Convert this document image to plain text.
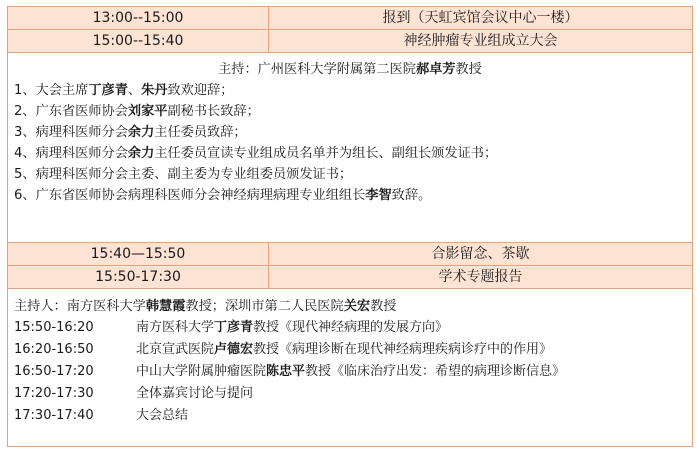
13:00--15:00	报到（天虹宾馆会议中心一楼）
15:00--15:40	神经肿瘤专业组成立大会
主持：广州医科大学附属第二医院郝卓芳教授
1、大会主席丁彦青、朱丹致欢迎辞；
2、广东省医师协会刘家平副秘书长致辞；
3、病理科医师分会余力主任委员致辞；
4、病理科医师分会余力主任委员宣读专业组成员名单并为组长、副组长颁发证书；
5、病理科医师分会主委、副主委为专业组委员颁发证书；
6、广东省医师协会病理科医师分会神经病理病理专业组组长李智致辞。
15:40—15:50	合影留念、茶歇
15:50-17:30	学术专题报告
主持人：南方医科大学韩慧霞教授；深圳市第二人民医院关宏教授
15:50-16:20	南方医科大学丁彦青教授《现代神经病理的发展方向》
16:20-16:50	北京宣武医院卢德宏教授《病理诊断在现代神经病理疾病诊疗中的作用》
16:50-17:20	中山大学附属肿瘤医院陈忠平教授《临床治疗出发：希望的病理诊断信息》
17:20-17:30	全体嘉宾讨论与提问
17:30-17:40	大会总结
